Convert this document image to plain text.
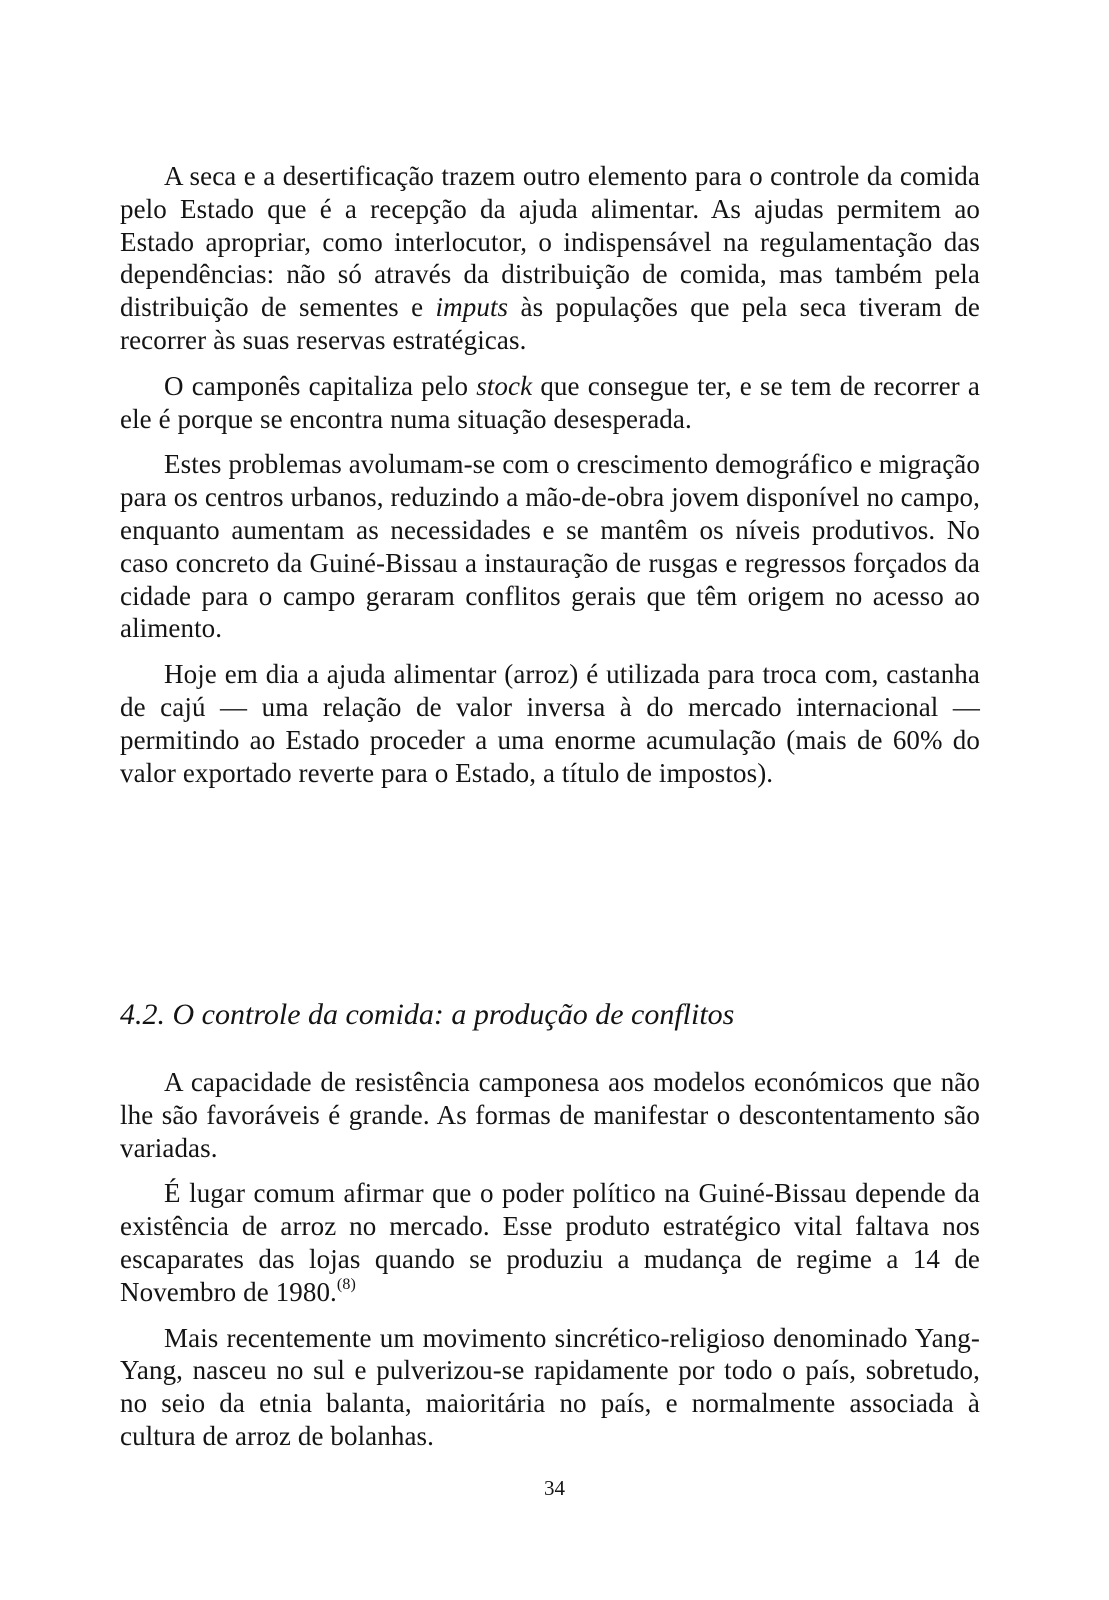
A seca e a desertificação trazem outro elemento para o controle da comida pelo Estado que é a recepção da ajuda alimentar. As ajudas permitem ao Estado apropriar, como interlocutor, o indispensável na regulamentação das dependências: não só através da distribuição de comida, mas também pela distribuição de sementes e imputs às populações que pela seca tiveram de recorrer às suas reservas estratégicas.

O camponês capitaliza pelo stock que consegue ter, e se tem de recorrer a ele é porque se encontra numa situação desesperada.

Estes problemas avolumam-se com o crescimento demográfico e migração para os centros urbanos, reduzindo a mão-de-obra jovem disponível no campo, enquanto aumentam as necessidades e se mantêm os níveis produtivos. No caso concreto da Guiné-Bissau a instauração de rusgas e regressos forçados da cidade para o campo geraram conflitos gerais que têm origem no acesso ao alimento.

Hoje em dia a ajuda alimentar (arroz) é utilizada para troca com, castanha de cajú — uma relação de valor inversa à do mercado internacional — permitindo ao Estado proceder a uma enorme acumulação (mais de 60% do valor exportado reverte para o Estado, a título de impostos).

4.2. O controle da comida: a produção de conflitos

A capacidade de resistência camponesa aos modelos económicos que não lhe são favoráveis é grande. As formas de manifestar o descontentamento são variadas.

É lugar comum afirmar que o poder político na Guiné-Bissau depende da existência de arroz no mercado. Esse produto estratégico vital faltava nos escaparates das lojas quando se produziu a mudança de regime a 14 de Novembro de 1980.$^{(8)}$

Mais recentemente um movimento sincrético-religioso denominado Yang-Yang, nasceu no sul e pulverizou-se rapidamente por todo o país, sobretudo, no seio da etnia balanta, maioritária no país, e normalmente associada à cultura de arroz de bolanhas.

34
